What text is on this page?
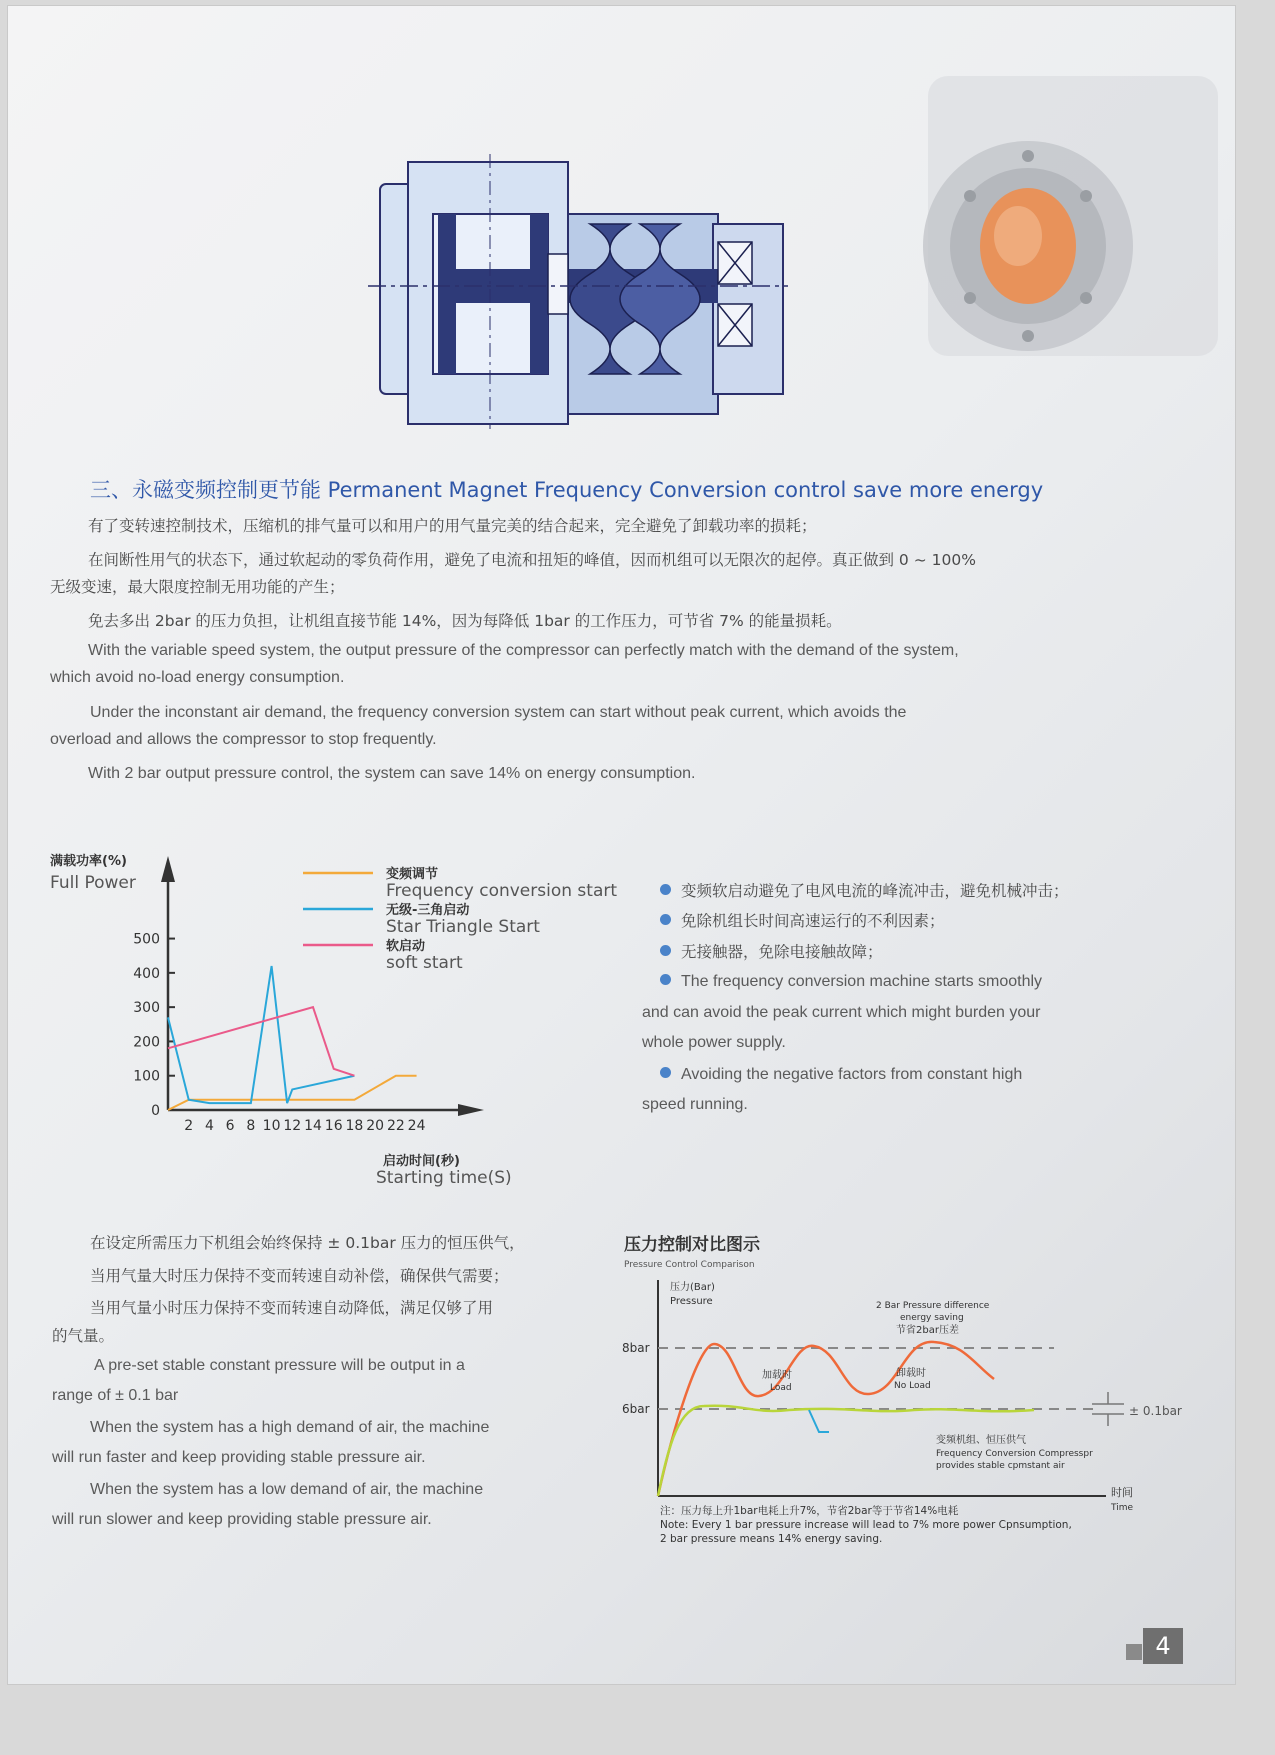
三、永磁变频控制更节能 Permanent Magnet Frequency Conversion control save more energy
有了变转速控制技术，压缩机的排气量可以和用户的用气量完美的结合起来，完全避免了卸载功率的损耗；
在间断性用气的状态下，通过软起动的零负荷作用，避免了电流和扭矩的峰值，因而机组可以无限次的起停。真正做到 0 ~ 100%
无级变速，最大限度控制无用功能的产生；
免去多出 2bar 的压力负担，让机组直接节能 14%，因为每降低 1bar 的工作压力，可节省 7% 的能量损耗。
With the variable speed system, the output pressure of the compressor can perfectly match with the demand of the system,
which avoid no-load energy consumption.
Under the inconstant air demand, the frequency conversion system can start without peak current, which avoids the
overload and allows the compressor to stop frequently.
With 2 bar output pressure control, the system can save 14% on energy consumption.
满载功率(%)
Full Power
启动时间(秒)
Starting time(S)
0
100
200
300
400
500
2 4 6 8 10 12 14 16 18 20 22 24
变频调节
Frequency conversion start
无级-三角启动
Star Triangle Start
软启动
soft start
变频软启动避免了电风电流的峰流冲击，避免机械冲击；
免除机组长时间高速运行的不利因素；
无接触器，免除电接触故障；
The frequency conversion machine starts smoothly
and can avoid the peak current which might burden your
whole power supply.
Avoiding the negative factors from constant high
speed running.
在设定所需压力下机组会始终保持 ± 0.1bar 压力的恒压供气，
当用气量大时压力保持不变而转速自动补偿，确保供气需要；
当用气量小时压力保持不变而转速自动降低，满足仅够了用
的气量。
A pre-set stable constant pressure will be output in a
range of ± 0.1 bar
When the system has a high demand of air, the machine
will run faster and keep providing stable pressure air.
When the system has a low demand of air, the machine
will run slower and keep providing stable pressure air.
压力控制对比图示
Pressure Control Comparison
压力(Bar)
Pressure
时间
Time
8bar
6bar
2 Bar Pressure difference
energy saving
节省2bar压差
加载时
Load
卸载时
No Load
± 0.1bar
变频机组、恒压供气
Frequency Conversion Compresspr
provides stable cpmstant air
注：压力每上升1bar电耗上升7%，节省2bar等于节省14%电耗
Note: Every 1 bar pressure increase will lead to 7% more power Cpnsumption,
2 bar pressure means 14% energy saving.
4
